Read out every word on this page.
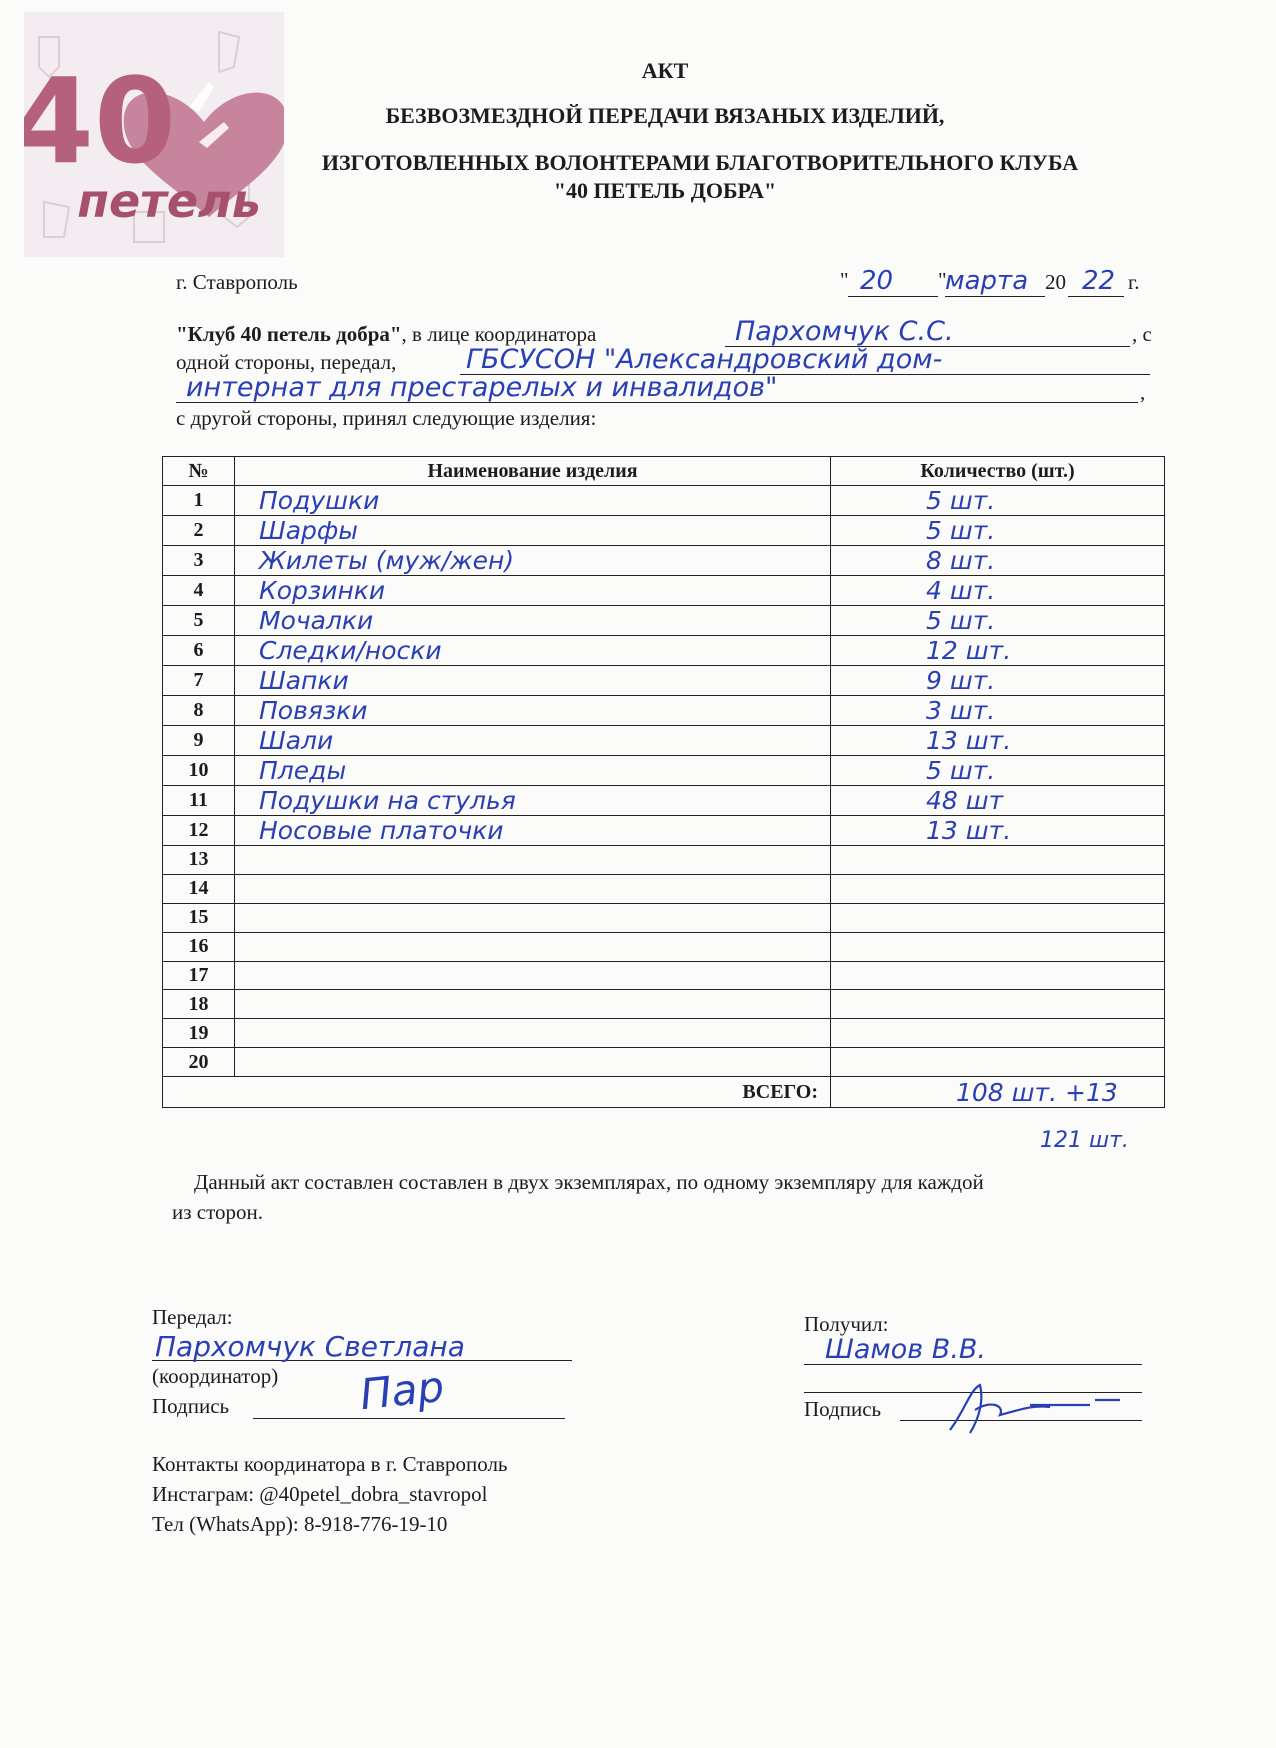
40
петель
АКТ
БЕЗВОЗМЕЗДНОЙ ПЕРЕДАЧИ ВЯЗАНЫХ ИЗДЕЛИЙ,
ИЗГОТОВЛЕННЫХ ВОЛОНТЕРАМИ БЛАГОТВОРИТЕЛЬНОГО КЛУБА
"40 ПЕТЕЛЬ ДОБРА"
г. Ставрополь	" 20 "
марта 20 22 г.
"Клуб 40 петель добра", в лице координатора	Пархомчук С.С.	, с
одной стороны, передал,	ГБСУСОН "Александровский дом-
интернат для престарелых и инвалидов"	,
с другой стороны, принял следующие изделия:
№	Наименование изделия	Количество (шт.)
1	Подушки	5 шт.
2	Шарфы	5 шт.
3	Жилеты (муж/жен)	8 шт.
4	Корзинки	4 шт.
5	Мочалки	5 шт.
6	Следки/носки	12 шт.
7	Шапки	9 шт.
8	Повязки	3 шт.
9	Шали	13 шт.
10	Пледы	5 шт.
11	Подушки на стулья	48 шт
12	Носовые платочки	13 шт.
13		
14		
15		
16		
17		
18		
19		
20		
ВСЕГО:		108 шт. +13
121 шт.
Данный акт составлен составлен в двух экземплярах, по одному экземпляру для каждой
из сторон.
Передал:
Пархомчук Светлана
(координатор)
Подпись	Пар
Получил:
Шамов В.В.
Подпись
Контакты координатора в г. Ставрополь
Инстаграм: @40petel_dobra_stavropol
Тел (WhatsApp): 8-918-776-19-10
